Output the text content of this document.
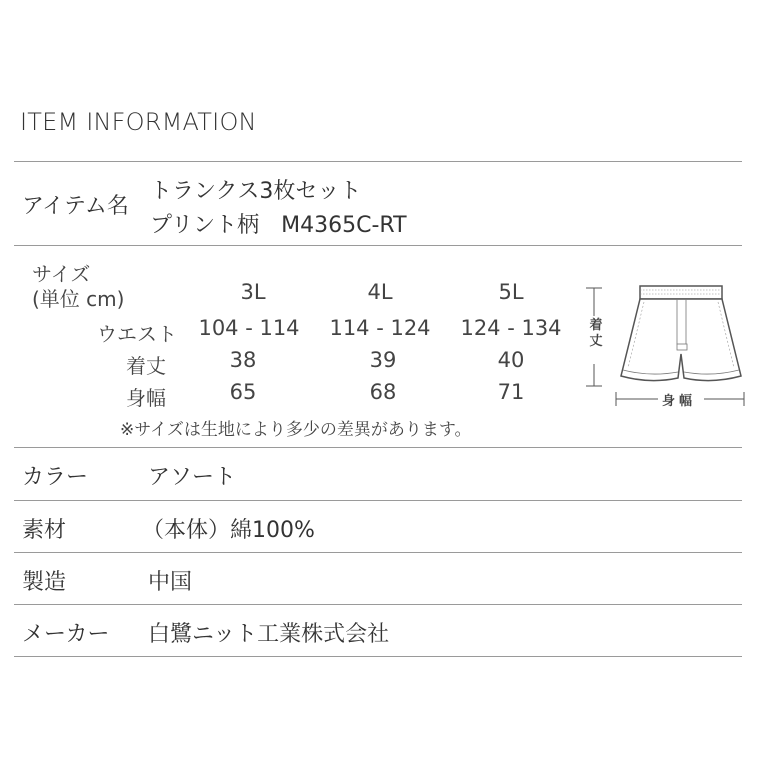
ITEM INFORMATION
アイテム名
トランクス3枚セット
プリント柄　M4365C-RT
サイズ
(単位 cm)	3L	4L	5L
ウエスト	104 - 114	114 - 124	124 - 134
着丈	38	39	40
身幅	65	68	71
※サイズは生地により多少の差異があります。
着丈
身幅
カラー	アソート
素材	（本体）綿100%
製造	中国
メーカー 白鷺ニット工業株式会社
